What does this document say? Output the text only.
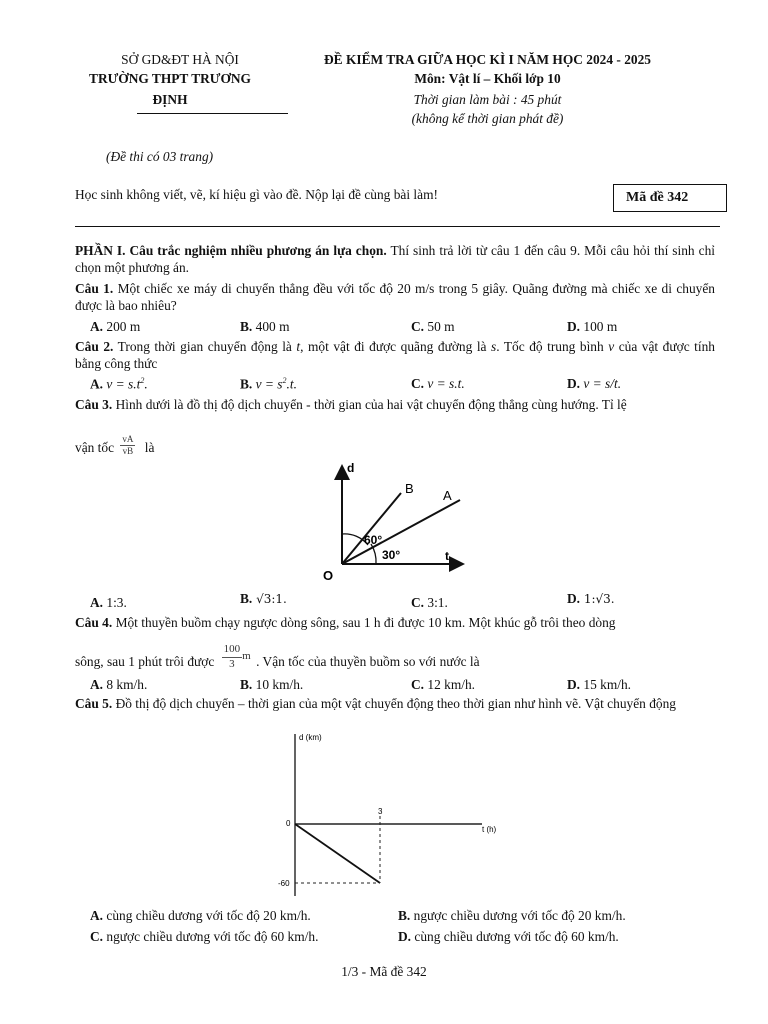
SỞ GD&ĐT HÀ NỘI
TRƯỜNG THPT TRƯƠNG
ĐỊNH
ĐỀ KIỂM TRA GIỮA HỌC KÌ I NĂM HỌC 2024 - 2025
Môn: Vật lí – Khối lớp 10
Thời gian làm bài : 45 phút
(không kể thời gian phát đề)
(Đề thi có 03 trang)
Học sinh không viết, vẽ, kí hiệu gì vào đề. Nộp lại đề cùng bài làm!	Mã đề 342
PHẦN I. Câu trắc nghiệm nhiều phương án lựa chọn. Thí sinh trả lời từ câu 1 đến câu 9. Mỗi câu hỏi thí sinh chỉ chọn một phương án.
Câu 1. Một chiếc xe máy di chuyển thẳng đều với tốc độ 20 m/s trong 5 giây. Quãng đường mà chiếc xe di chuyển được là bao nhiêu?
A. 200 m	B. 400 m	C. 50 m	D. 100 m
Câu 2. Trong thời gian chuyển động là t, một vật đi được quãng đường là s. Tốc độ trung bình v của vật được tính bằng công thức
A. $v = s.t^2$.	B. $v = s^2.t$.	C. v = s.t.	D. v = s/t.
Câu 3. Hình dưới là đồ thị độ dịch chuyển - thời gian của hai vật chuyển động thẳng cùng hướng. Tỉ lệ
vận tốc $\frac{vA}{vB}$ là
d
t
O
B A
60°
30°
A. 1:3.	B. √3:1.	C. 3:1.	D. 1:√3.
Câu 4. Một thuyền buồm chạy ngược dòng sông, sau 1 h đi được 10 km. Một khúc gỗ trôi theo dòng
sông, sau 1 phút trôi được $\frac{100}{3}m$ . Vận tốc của thuyền buồm so với nước là
A. 8 km/h.	B. 10 km/h.	C. 12 km/h.	D. 15 km/h.
Câu 5. Đồ thị độ dịch chuyển – thời gian của một vật chuyển động theo thời gian như hình vẽ. Vật chuyển động
d (km)
t (h)
0
3
-60
A. cùng chiều dương với tốc độ 20 km/h.	B. ngược chiều dương với tốc độ 20 km/h.
C. ngược chiều dương với tốc độ 60 km/h.	D. cùng chiều dương với tốc độ 60 km/h.
1/3 - Mã đề 342
